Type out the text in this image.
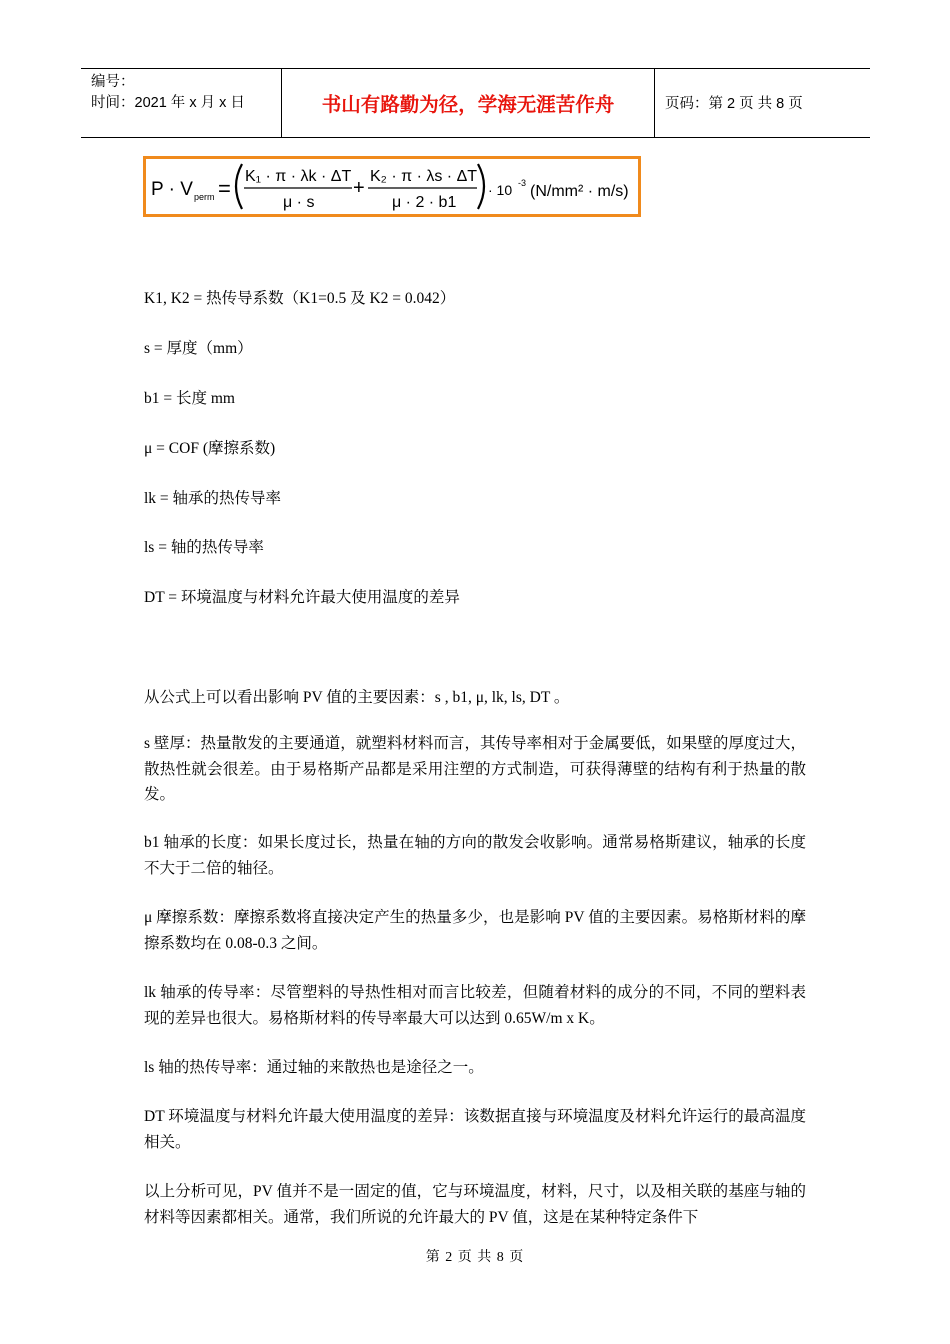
编号：
时间：2021 年 x 月 x 日	书山有路勤为径，学海无涯苦作舟	页码：第 2 页 共 8 页
P · V perm = K₁ · π · λk · ΔT
μ · s
+
K₂ · π · λs · ΔT
μ · 2 · b1
· 10 -3 (N/mm² · m/s)
K1, K2 = 热传导系数（K1=0.5 及 K2 = 0.042）
s = 厚度（mm）
b1 = 长度 mm
μ = COF (摩擦系数)
lk = 轴承的热传导率
ls = 轴的热传导率
DT = 环境温度与材料允许最大使用温度的差异
从公式上可以看出影响 PV 值的主要因素：s , b1, μ, lk, ls, DT 。
s 壁厚：热量散发的主要通道，就塑料材料而言，其传导率相对于金属要低，如果壁的厚度过大，散热性就会很差。由于易格斯产品都是采用注塑的方式制造，可获得薄壁的结构有利于热量的散发。
b1 轴承的长度：如果长度过长，热量在轴的方向的散发会收影响。通常易格斯建议，轴承的长度不大于二倍的轴径。
μ 摩擦系数：摩擦系数将直接决定产生的热量多少，也是影响 PV 值的主要因素。易格斯材料的摩擦系数均在 0.08-0.3 之间。
lk 轴承的传导率：尽管塑料的导热性相对而言比较差，但随着材料的成分的不同，不同的塑料表现的差异也很大。易格斯材料的传导率最大可以达到 0.65W/m x K。
ls 轴的热传导率：通过轴的来散热也是途径之一。
DT 环境温度与材料允许最大使用温度的差异：该数据直接与环境温度及材料允许运行的最高温度相关。
以上分析可见，PV 值并不是一固定的值，它与环境温度，材料，尺寸，以及相关联的基座与轴的材料等因素都相关。通常，我们所说的允许最大的 PV 值，这是在某种特定条件下
第 2 页 共 8 页
